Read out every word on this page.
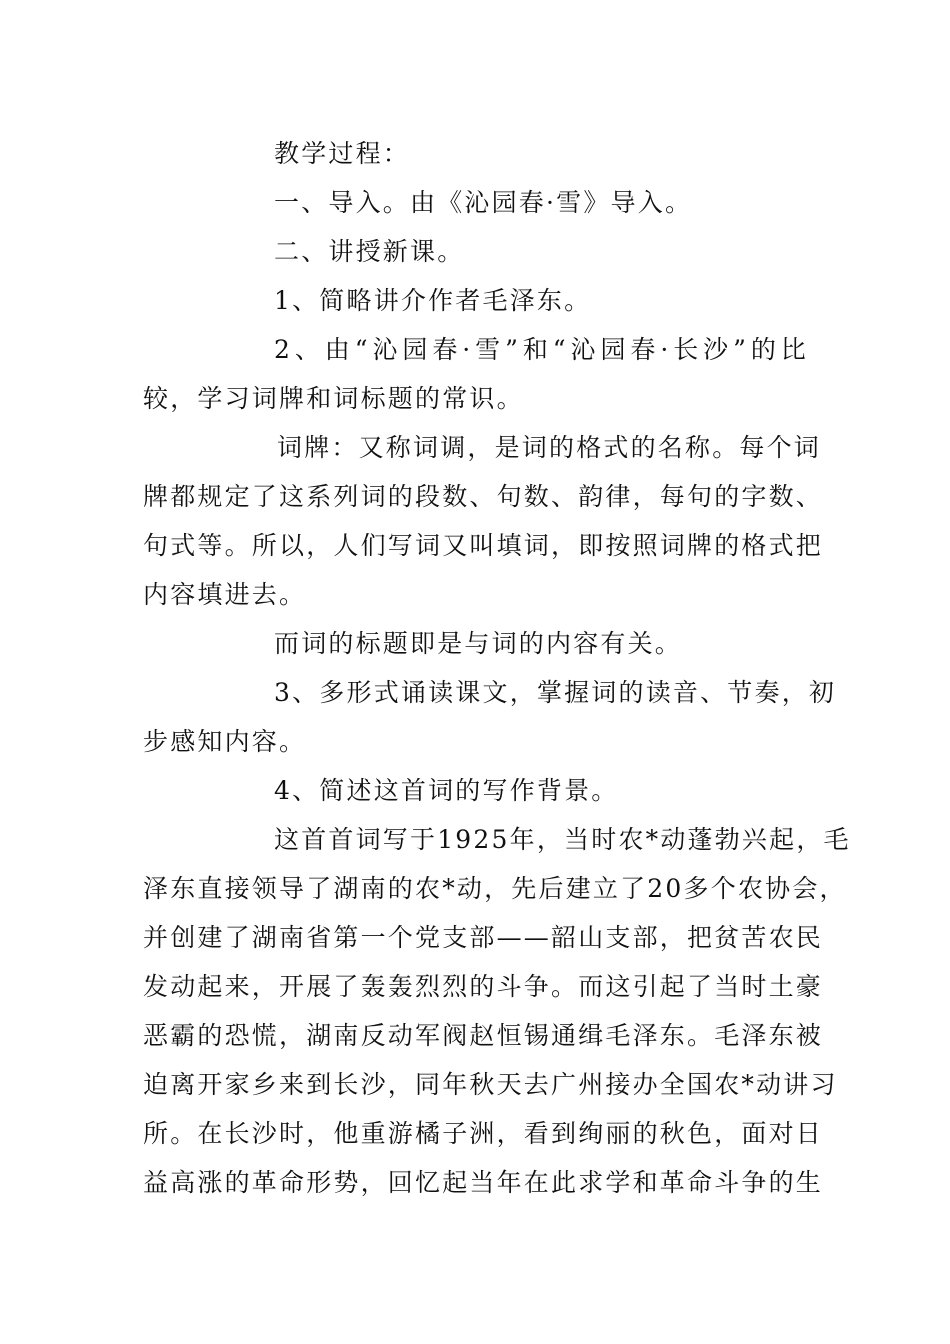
教学过程：
一、导入。由《沁园春·雪》导入。
二、讲授新课。
1、简略讲介作者毛泽东。
2、由“沁园春·雪”和“沁园春·长沙”的比
较，学习词牌和词标题的常识。
词牌：又称词调，是词的格式的名称。每个词
牌都规定了这系列词的段数、句数、韵律，每句的字数、
句式等。所以，人们写词又叫填词，即按照词牌的格式把
内容填进去。
而词的标题即是与词的内容有关。
3、多形式诵读课文，掌握词的读音、节奏，初
步感知内容。
4、简述这首词的写作背景。
这首首词写于1925年，当时农*动蓬勃兴起，毛
泽东直接领导了湖南的农*动，先后建立了20多个农协会，
并创建了湖南省第一个党支部——韶山支部，把贫苦农民
发动起来，开展了轰轰烈烈的斗争。而这引起了当时土豪
恶霸的恐慌，湖南反动军阀赵恒锡通缉毛泽东。毛泽东被
迫离开家乡来到长沙，同年秋天去广州接办全国农*动讲习
所。在长沙时，他重游橘子洲，看到绚丽的秋色，面对日
益高涨的革命形势，回忆起当年在此求学和革命斗争的生
